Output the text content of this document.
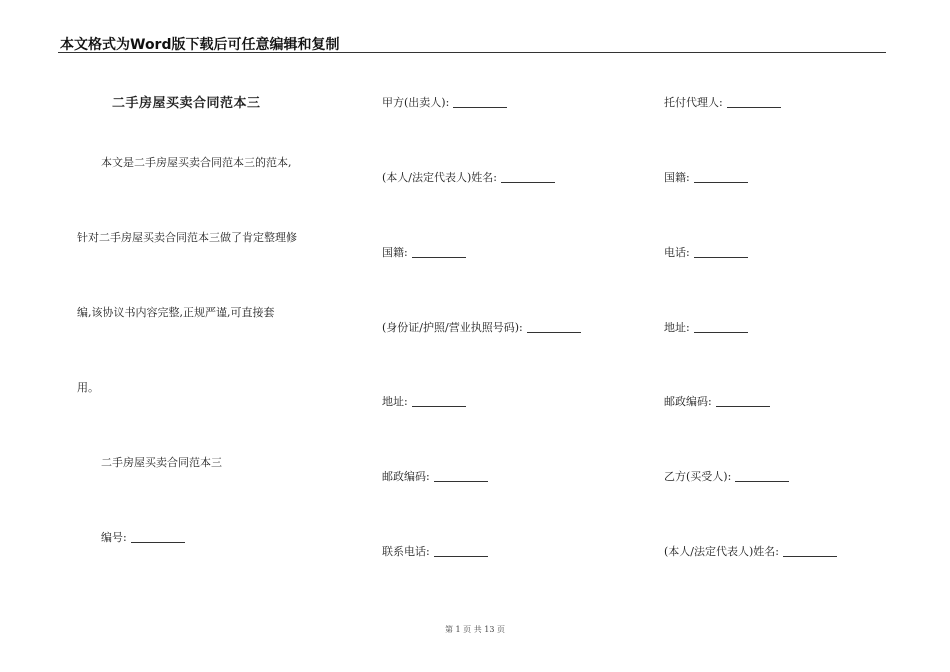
本文格式为Word版下载后可任意编辑和复制
二手房屋买卖合同范本三
本文是二手房屋买卖合同范本三的范本,
针对二手房屋买卖合同范本三做了肯定整理修
编,该协议书内容完整,正规严谨,可直接套
用。
二手房屋买卖合同范本三
编号:
甲方(出卖人):
(本人/法定代表人)姓名:
国籍:
(身份证/护照/营业执照号码):
地址:
邮政编码:
联系电话:
托付代理人:
国籍:
电话:
地址:
邮政编码:
乙方(买受人):
(本人/法定代表人)姓名:
第 1 页 共 13 页
